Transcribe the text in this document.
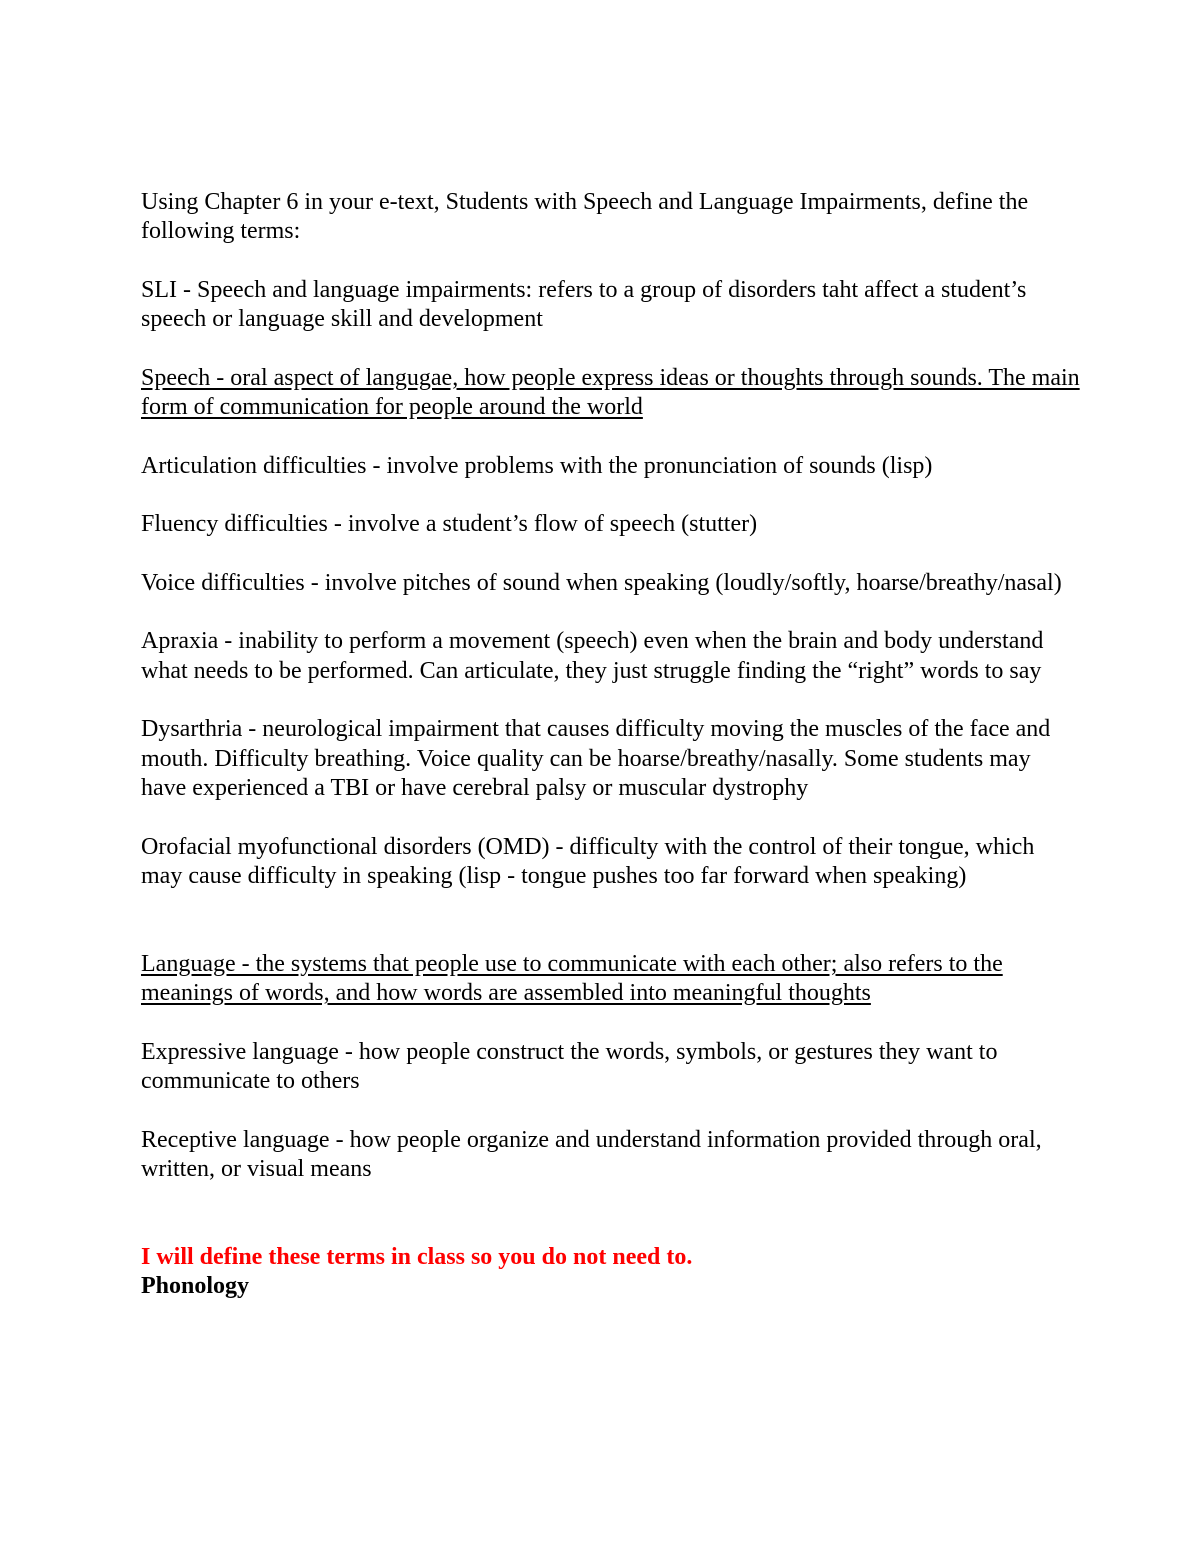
Using Chapter 6 in your e-text, Students with Speech and Language Impairments, define the following terms:

SLI - Speech and language impairments: refers to a group of disorders taht affect a student’s speech or language skill and development

Speech - oral aspect of langugae, how people express ideas or thoughts through sounds. The main form of communication for people around the world

Articulation difficulties - involve problems with the pronunciation of sounds (lisp)

Fluency difficulties - involve a student’s flow of speech (stutter)

Voice difficulties - involve pitches of sound when speaking (loudly/softly, hoarse/breathy/nasal)

Apraxia - inability to perform a movement (speech) even when the brain and body understand what needs to be performed. Can articulate, they just struggle finding the “right” words to say

Dysarthria - neurological impairment that causes difficulty moving the muscles of the face and mouth. Difficulty breathing. Voice quality can be hoarse/breathy/nasally. Some students may have experienced a TBI or have cerebral palsy or muscular dystrophy

Orofacial myofunctional disorders (OMD) - difficulty with the control of their tongue, which may cause difficulty in speaking (lisp - tongue pushes too far forward when speaking)

Language - the systems that people use to communicate with each other; also refers to the meanings of words, and how words are assembled into meaningful thoughts

Expressive language - how people construct the words, symbols, or gestures they want to communicate to others

Receptive language - how people organize and understand information provided through oral, written, or visual means

I will define these terms in class so you do not need to.

Phonology
